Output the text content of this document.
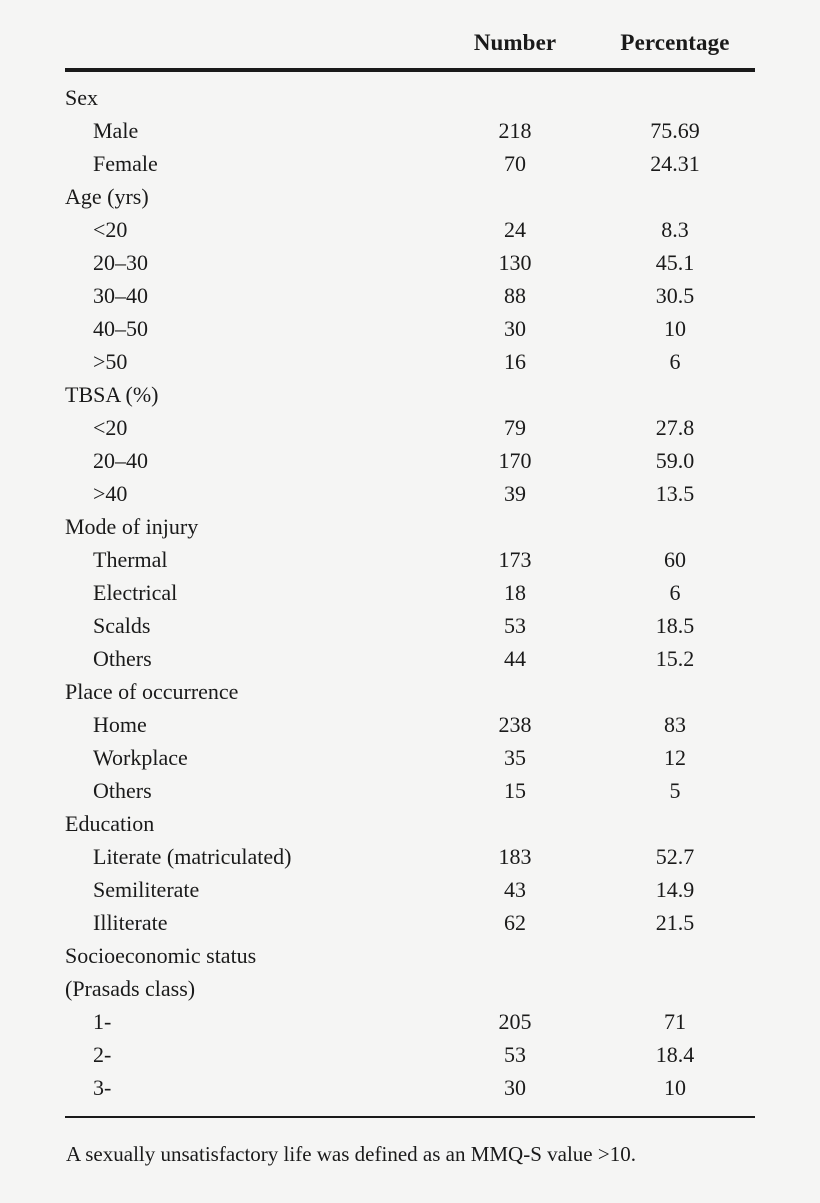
	Number	Percentage

Sex		
Male	218	75.69
Female	70	24.31
Age (yrs)		
<20	24	8.3
20–30	130	45.1
30–40	88	30.5
40–50	30	10
>50	16	6
TBSA (%)		
<20	79	27.8
20–40	170	59.0
>40	39	13.5
Mode of injury		
Thermal	173	60
Electrical	18	6
Scalds	53	18.5
Others	44	15.2
Place of occurrence		
Home	238	83
Workplace	35	12
Others	15	5
Education		
Literate (matriculated)	183	52.7
Semiliterate	43	14.9
Illiterate	62	21.5
Socioeconomic status		
(Prasads class)		
1-	205	71
2-	53	18.4
3-	30	10

A sexually unsatisfactory life was defined as an MMQ-S value >10.		
